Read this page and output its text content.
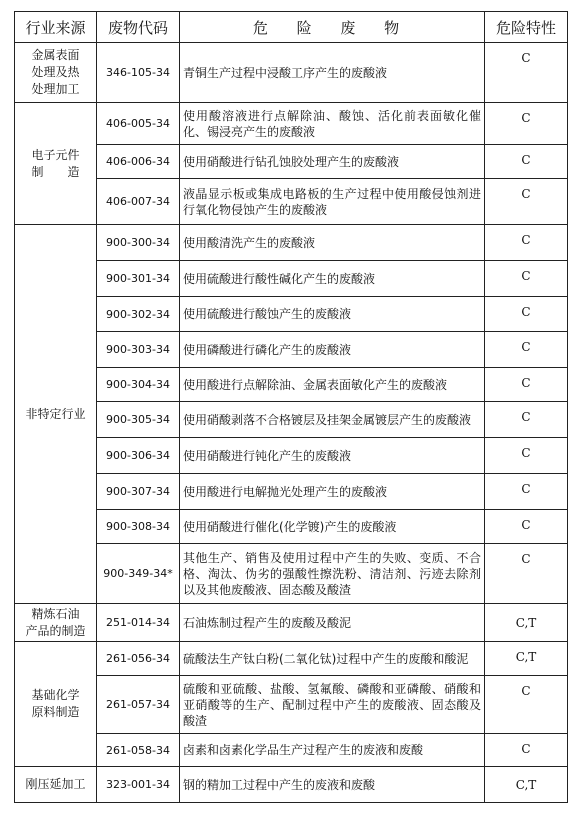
行业来源	废物代码	危 险 废 物	危险特性
金属表面
处理及热
处理加工	346-105-34	青铜生产过程中浸酸工序产生的废酸液	C
电子元件
制　　造	406-005-34	使用酸溶液进行点解除油、酸蚀、活化前表面敏化催化、锡浸亮产生的废酸液	C
	406-006-34	使用硝酸进行钻孔蚀胶处理产生的废酸液	C
	406-007-34	液晶显示板或集成电路板的生产过程中使用酸侵蚀剂进行氧化物侵蚀产生的废酸液	C
非特定行业	900-300-34	使用酸清洗产生的废酸液	C
	900-301-34	使用硫酸进行酸性碱化产生的废酸液	C
	900-302-34	使用硫酸进行酸蚀产生的废酸液	C
	900-303-34	使用磷酸进行磷化产生的废酸液	C
	900-304-34	使用酸进行点解除油、金属表面敏化产生的废酸液	C
	900-305-34	使用硝酸剥落不合格镀层及挂架金属镀层产生的废酸液	C
	900-306-34	使用硝酸进行钝化产生的废酸液	C
	900-307-34	使用酸进行电解抛光处理产生的废酸液	C
	900-308-34	使用硝酸进行催化(化学镀)产生的废酸液	C
	900-349-34*	其他生产、销售及使用过程中产生的失败、变质、不合格、淘汰、伪劣的强酸性擦洗粉、清洁剂、污迹去除剂以及其他废酸液、固态酸及酸渣	C
精炼石油
产品的制造	251-014-34	石油炼制过程产生的废酸及酸泥	C,T
基础化学
原料制造	261-056-34	硫酸法生产钛白粉(二氧化钛)过程中产生的废酸和酸泥	C,T
	261-057-34	硫酸和亚硫酸、盐酸、氢氟酸、磷酸和亚磷酸、硝酸和亚硝酸等的生产、配制过程中产生的废酸液、固态酸及酸渣	C
	261-058-34	卤素和卤素化学品生产过程产生的废液和废酸	C
刚压延加工	323-001-34	钢的精加工过程中产生的废液和废酸	C,T
